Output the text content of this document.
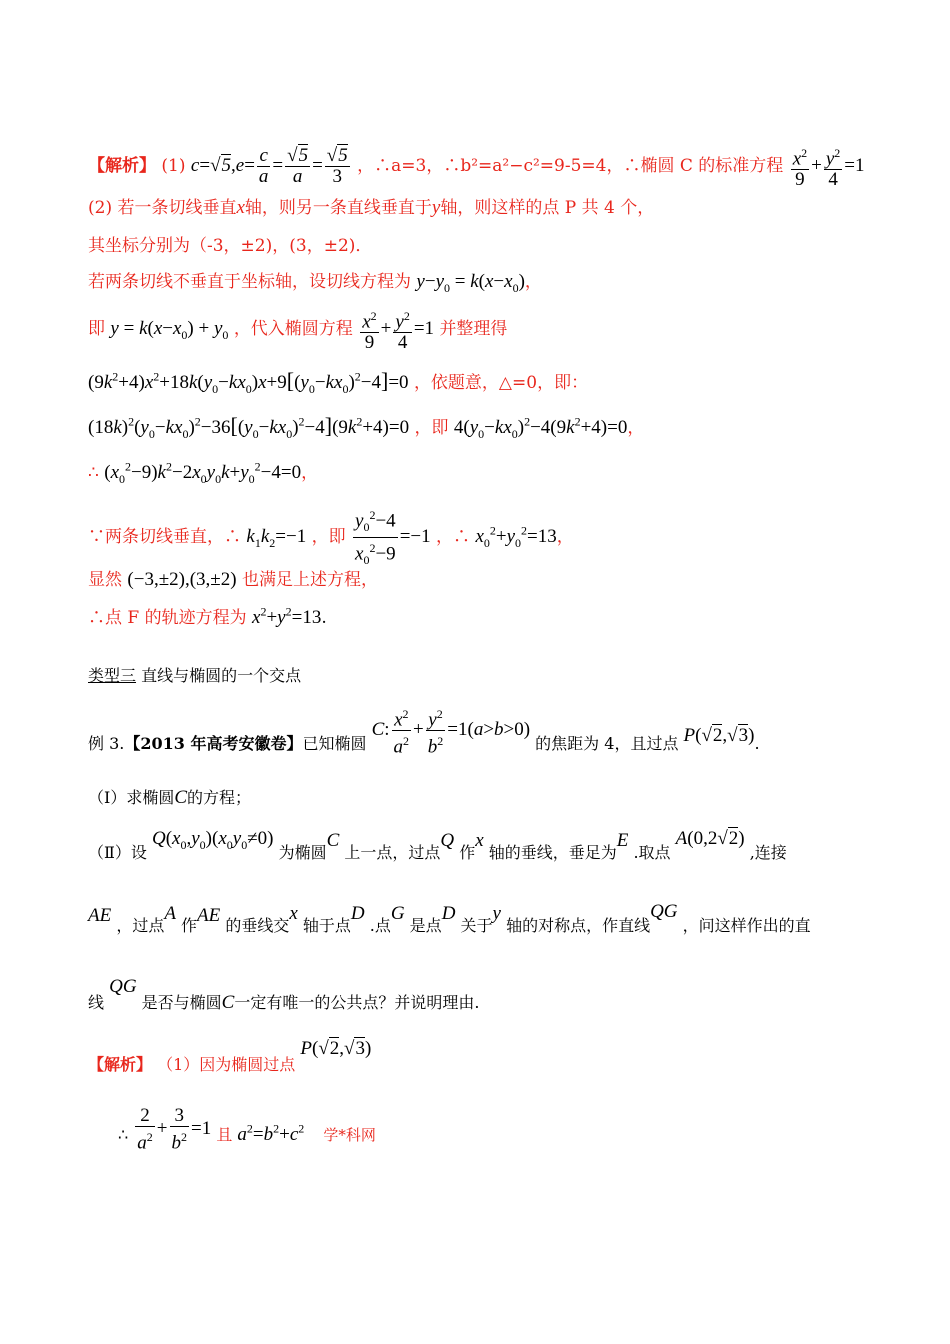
【解析】 (1) $c=√5,e= \frac{c}{a} = \frac{√5}{a} = \frac{√5}{3}$ ，∴a=3，∴b²=a²−c²=9-5=4，∴椭圆 C 的标准方程 $\frac{x^2}{9} + \frac{y^2}{4} =1$
(2) 若一条切线垂直x轴，则另一条直线垂直于y轴，则这样的点 P 共 4 个，
其坐标分别为（-3，±2)，(3，±2)．
若两条切线不垂直于坐标轴，设切线方程为 $y-y_0 = k(x-x_0)$，
即 $y = k(x-x_0) + y_0$ ，代入椭圆方程 $\frac{x^2}{9} + \frac{y^2}{4} =1$ 并整理得
$(9k^2+4)x^2+18k(y_0-kx_0)x+9[(y_0-kx_0)^2-4]=0$ ，依题意，△=0，即：
$(18k)^2(y_0-kx_0)^2-36[(y_0-kx_0)^2-4](9k^2+4)=0$ ，即 $4(y_0-kx_0)^2-4(9k^2+4)=0$，
∴ $(x_0^2-9)k^2-2x_0y_0k+y_0^2-4=0$，
∵两条切线垂直，∴ $k_1k_2=-1$ ，即 $\frac{y_0^2-4}{x_0^2-9} =-1$ ，∴ $x_0^2+y_0^2=13$，
显然 (−3,±2),(3,±2) 也满足上述方程，
∴点 F 的轨迹方程为 $x^2+y^2=13$.
类型三 直线与椭圆的一个交点
例 3.【2013 年高考安徽卷】已知椭圆 C: $\frac{x^2}{a^2} + \frac{y^2}{b^2} =1(a>b>0)$ 的焦距为 4，且过点 P(√2,√3).
（Ⅰ）求椭圆C的方程；
（Ⅱ）设 $Q(x_0,y_0)(x_0y_0\ne 0)$ 为椭圆C 上一点，过点Q 作x 轴的垂线，垂足为E .取点 A(0,2√2) ,连接
AE ，过点A 作AE 的垂线交x 轴于点D .点G 是点D 关于y 轴的对称点，作直线QG ，问这样作出的直
线 QG 是否与椭圆C一定有唯一的公共点？并说明理由.
【解析】 （1）因为椭圆过点 P(√2,√3)
∴ $\frac{2}{a^2} + \frac{3}{b^2} =1$ 且 $a^2=b^2+c^2$ 学*科网
